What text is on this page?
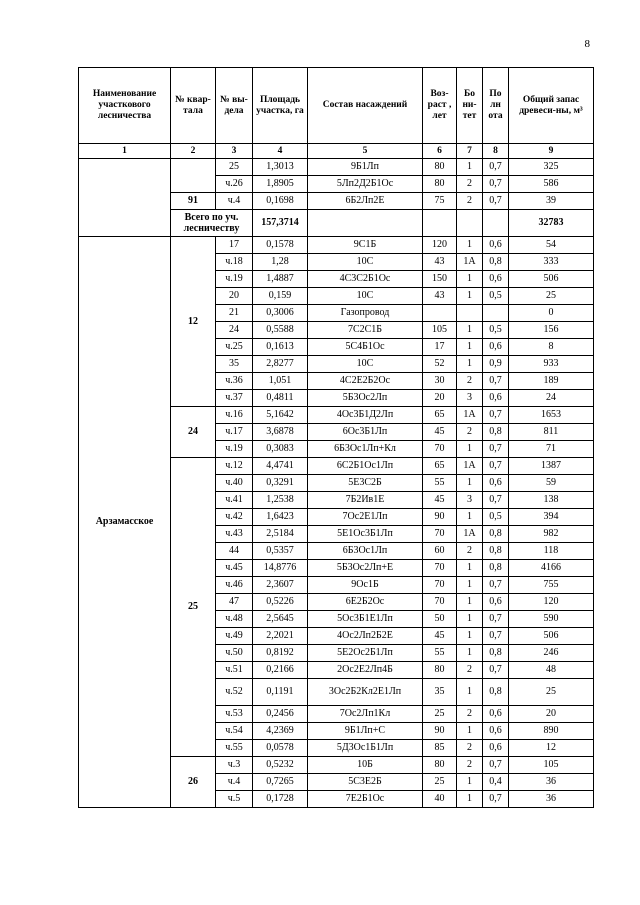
8
Наименование участкового лесничества	№ квар-тала	№ вы-дела	Площадь участка, га	Состав насаждений	Воз-раст , лет	Бо ни-тет	По лн ота	Общий запас древеси-ны, м³
1	2	3	4	5	6	7	8	9
		25	1,3013	9Б1Лп	80	1	0,7	325
		ч.26	1,8905	5Лп2Д2Б1Ос	80	2	0,7	586
	91	ч.4	0,1698	6Б2Лп2Е	75	2	0,7	39
	Всего по уч. лесничеству		157,3714					32783
Арзамасское	12	17	0,1578	9С1Б	120	1	0,6	54
		ч.18	1,28	10С	43	1А	0,8	333
		ч.19	1,4887	4С3С2Б1Ос	150	1	0,6	506
		20	0,159	10С	43	1	0,5	25
		21	0,3006	Газопровод				0
		24	0,5588	7С2С1Б	105	1	0,5	156
		ч.25	0,1613	5С4Б1Ос	17	1	0,6	8
		35	2,8277	10С	52	1	0,9	933
		ч.36	1,051	4С2Е2Б2Ос	30	2	0,7	189
		ч.37	0,4811	5Б3Ос2Лп	20	3	0,6	24
	24	ч.16	5,1642	4Ос3Б1Д2Лп	65	1А	0,7	1653
		ч.17	3,6878	6Ос3Б1Лп	45	2	0,8	811
		ч.19	0,3083	6Б3Ос1Лп+Кл	70	1	0,7	71
	25	ч.12	4,4741	6С2Б1Ос1Лп	65	1А	0,7	1387
		ч.40	0,3291	5Е3С2Б	55	1	0,6	59
		ч.41	1,2538	7Б2Ив1Е	45	3	0,7	138
		ч.42	1,6423	7Ос2Е1Лп	90	1	0,5	394
		ч.43	2,5184	5Е1Ос3Б1Лп	70	1А	0,8	982
		44	0,5357	6Б3Ос1Лп	60	2	0,8	118
		ч.45	14,8776	5Б3Ос2Лп+Е	70	1	0,8	4166
		ч.46	2,3607	9Ос1Б	70	1	0,7	755
		47	0,5226	6Е2Б2Ос	70	1	0,6	120
		ч.48	2,5645	5Ос3Б1Е1Лп	50	1	0,7	590
		ч.49	2,2021	4Ос2Лп2Б2Е	45	1	0,7	506
		ч.50	0,8192	5Е2Ос2Б1Лп	55	1	0,8	246
		ч.51	0,2166	2Ос2Е2Лп4Б	80	2	0,7	48
		ч.52	0,1191	3Ос2Б2Кл2Е1Лп	35	1	0,8	25
		ч.53	0,2456	7Ос2Лп1Кл	25	2	0,6	20
		ч.54	4,2369	9Б1Лп+С	90	1	0,6	890
		ч.55	0,0578	5Д3Ос1Б1Лп	85	2	0,6	12
	26	ч.3	0,5232	10Б	80	2	0,7	105
		ч.4	0,7265	5С3Е2Б	25	1	0,4	36
		ч.5	0,1728	7Е2Б1Ос	40	1	0,7	36
